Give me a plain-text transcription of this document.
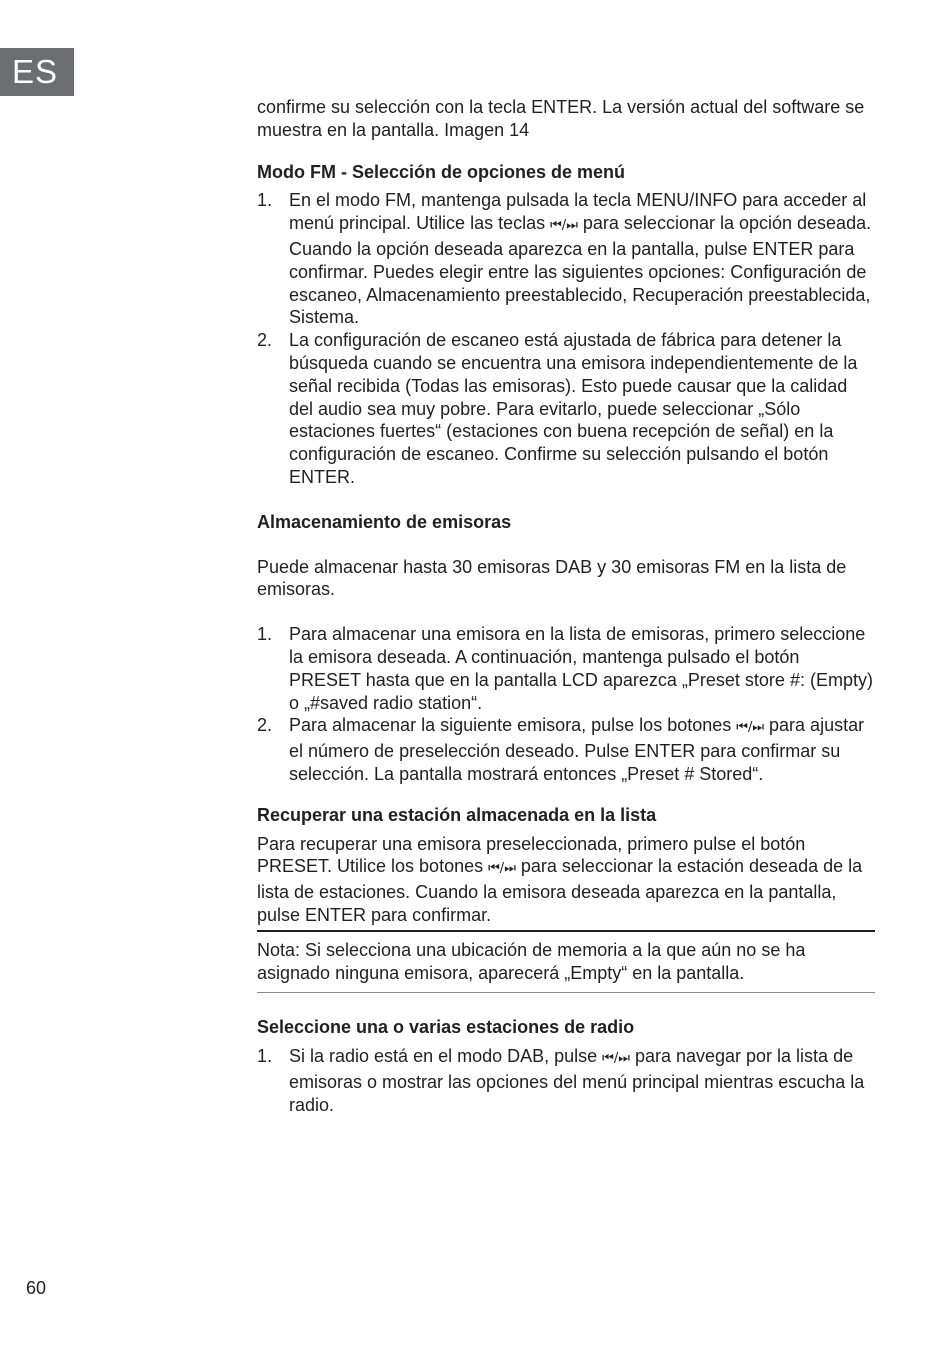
ES

confirme su selección con la tecla ENTER. La versión actual del software se muestra en la pantalla. Imagen 14

Modo FM - Selección de opciones de menú

1. En el modo FM, mantenga pulsada la tecla MENU/INFO para acceder al menú principal. Utilice las teclas ⏮/⏭ para seleccionar la opción deseada. Cuando la opción deseada aparezca en la pantalla, pulse ENTER para confirmar. Puedes elegir entre las siguientes opciones: Configuración de escaneo, Almacenamiento preestablecido, Recuperación preestablecida, Sistema.
2. La configuración de escaneo está ajustada de fábrica para detener la búsqueda cuando se encuentra una emisora independientemente de la señal recibida (Todas las emisoras). Esto puede causar que la calidad del audio sea muy pobre. Para evitarlo, puede seleccionar „Sólo estaciones fuertes“ (estaciones con buena recepción de señal) en la configuración de escaneo. Confirme su selección pulsando el botón ENTER.

Almacenamiento de emisoras

Puede almacenar hasta 30 emisoras DAB y 30 emisoras FM en la lista de emisoras.

1. Para almacenar una emisora en la lista de emisoras, primero seleccione la emisora deseada. A continuación, mantenga pulsado el botón PRESET hasta que en la pantalla LCD aparezca „Preset store #: (Empty) o „#saved radio station“.
2. Para almacenar la siguiente emisora, pulse los botones ⏮/⏭ para ajustar el número de preselección deseado. Pulse ENTER para confirmar su selección. La pantalla mostrará entonces „Preset # Stored“.

Recuperar una estación almacenada en la lista

Para recuperar una emisora preseleccionada, primero pulse el botón PRESET. Utilice los botones ⏮/⏭ para seleccionar la estación deseada de la lista de estaciones. Cuando la emisora deseada aparezca en la pantalla, pulse ENTER para confirmar.

Nota: Si selecciona una ubicación de memoria a la que aún no se ha asignado ninguna emisora, aparecerá „Empty“ en la pantalla.

Seleccione una o varias estaciones de radio

1. Si la radio está en el modo DAB, pulse ⏮/⏭ para navegar por la lista de emisoras o mostrar las opciones del menú principal mientras escucha la radio.
60
